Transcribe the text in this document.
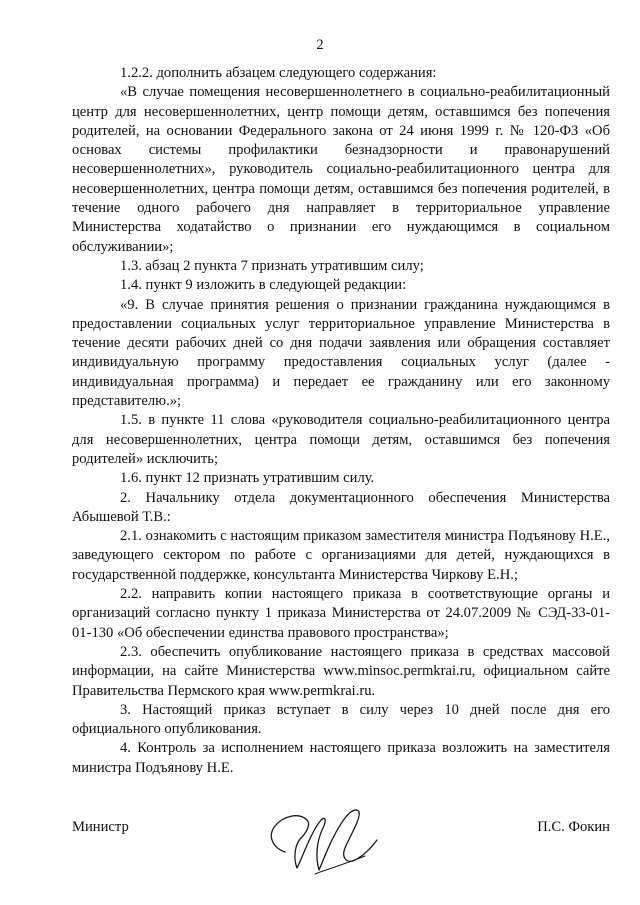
2

1.2.2. дополнить абзацем следующего содержания:

«В случае помещения несовершеннолетнего в социально-реабилитационный центр для несовершеннолетних, центр помощи детям, оставшимся без попечения родителей, на основании Федерального закона от 24 июня 1999 г. № 120-ФЗ «Об основах системы профилактики безнадзорности и правонарушений несовершеннолетних», руководитель социально-реабилитационного центра для несовершеннолетних, центра помощи детям, оставшимся без попечения родителей, в течение одного рабочего дня направляет в территориальное управление Министерства ходатайство о признании его нуждающимся в социальном обслуживании»;

1.3. абзац 2 пункта 7 признать утратившим силу;

1.4. пункт 9 изложить в следующей редакции:

«9. В случае принятия решения о признании гражданина нуждающимся в предоставлении социальных услуг территориальное управление Министерства в течение десяти рабочих дней со дня подачи заявления или обращения составляет индивидуальную программу предоставления социальных услуг (далее - индивидуальная программа) и передает ее гражданину или его законному представителю.»;

1.5. в пункте 11 слова «руководителя социально-реабилитационного центра для несовершеннолетних, центра помощи детям, оставшимся без попечения родителей» исключить;

1.6. пункт 12 признать утратившим силу.

2. Начальнику отдела документационного обеспечения Министерства Абышевой Т.В.:

2.1. ознакомить с настоящим приказом заместителя министра Подъянову Н.Е., заведующего сектором по работе с организациями для детей, нуждающихся в государственной поддержке, консультанта Министерства Чиркову Е.Н.;

2.2. направить копии настоящего приказа в соответствующие органы и организаций согласно пункту 1 приказа Министерства от 24.07.2009 № СЭД-33-01-01-130 «Об обеспечении единства правового пространства»;

2.3. обеспечить опубликование настоящего приказа в средствах массовой информации, на сайте Министерства www.minsoc.permkrai.ru, официальном сайте Правительства Пермского края www.permkrai.ru.

3. Настоящий приказ вступает в силу через 10 дней после дня его официального опубликования.

4. Контроль за исполнением настоящего приказа возложить на заместителя министра Подъянову Н.Е.

Министр	П.С. Фокин
